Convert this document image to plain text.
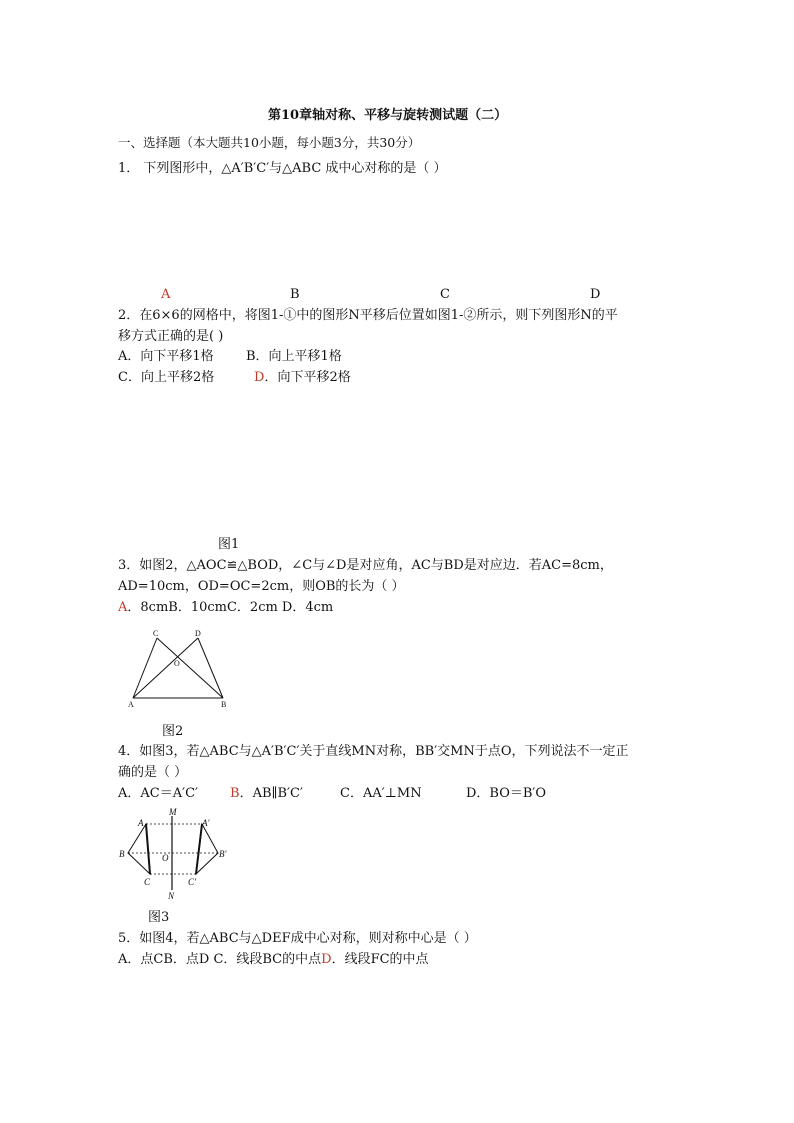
第10章轴对称、平移与旋转测试题（二）
一、选择题（本大题共10小题，每小题3分，共30分）
1． 下列图形中，△A′B′C′与△ABC 成中心对称的是（ ）
A	B	C	D
2．在6×6的网格中，将图1-①中的图形N平移后位置如图1-②所示，则下列图形N的平
移方式正确的是( )
A．向下平移1格 B．向上平移1格
C．向上平移2格	D．向下平移2格
图1
3．如图2，△AOC≌△BOD，∠C与∠D是对应角，AC与BD是对应边．若AC=8cm，
AD=10cm，OD=OC=2cm，则OB的长为（ ）
A．8cmB．10cmC．2cm D．4cm
C	D
O
A	B
图2
4．如图3，若△ABC与△A′B′C′关于直线MN对称，BB′交MN于点O，下列说法不一定正
确的是（ ）
A．AC＝A′C′ B．AB∥B′C′	C．AA′⊥MN	D．BO＝B′O
M
N
A
B
C
O
A′
B′
C′
图3
5．如图4，若△ABC与△DEF成中心对称，则对称中心是（ ）
A．点CB．点D C．线段BC的中点D．线段FC的中点
